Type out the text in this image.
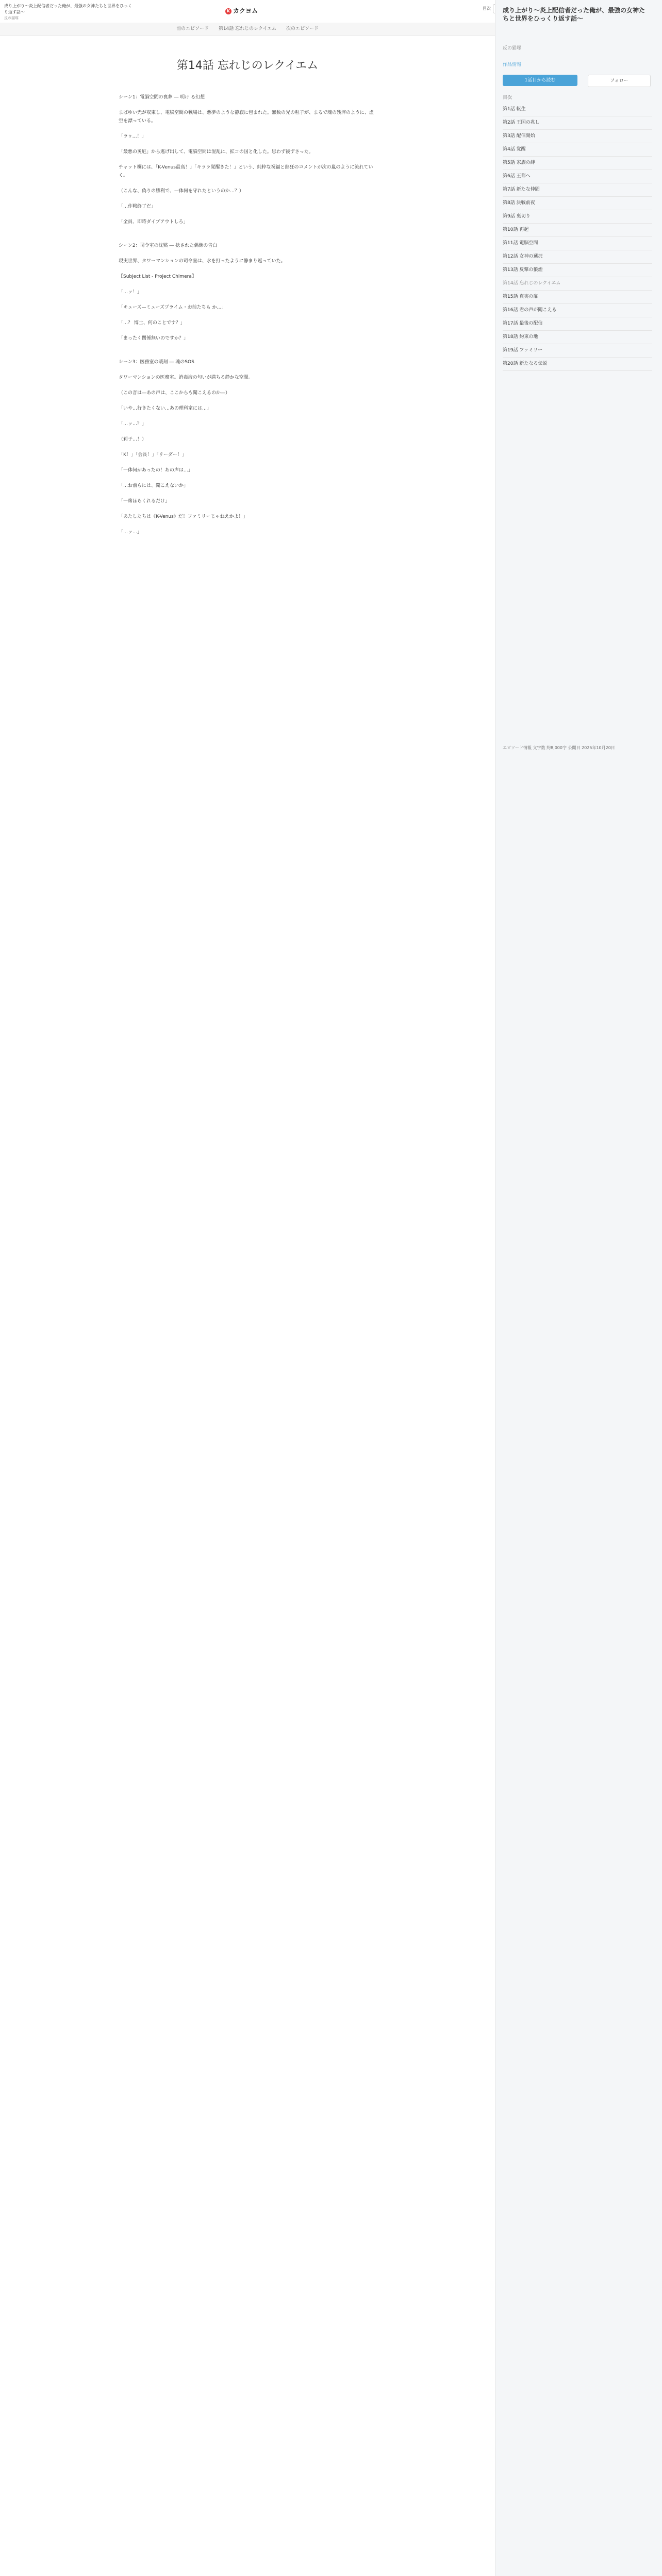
成り上がり〜炎上配信者だった俺が、最強の女神たちと世界をひっくり返す話〜
反の猫塚
K カクヨム	目次
前のエピソード 第14話 忘れじのレクイエム 次のエピソード
第14話 忘れじのレクイエム

シーン1：電脳空間の喪葬 ― 明け る幻想

まばゆい光が収束し、電脳空間の戦場は、悪夢のような静寂に包まれた。無数の光の粒子が、まるで魂の残滓のように、虚空を漂っている。

「ラゥ…！」

「最悪の災厄」から逃げ出して、電脳空間は混乱に、拡コの国と化した。思わず後ずさった。

チャット欄には、「K-Venus最高！」「キララ覚醒きた！」という、純粋な祝福と熱狂のコメントが次の嵐のように流れていく。

（こんな、偽りの勝利で、一体何を守れたというのか…？）

「…作戦終了だ」

「全員、即時ダイブアウトしろ」

シーン2：司令室の沈黙 ― 捻された偶像の告白

現実世界、タワーマンションの司令室は、水を打ったように静まり返っていた。

【Subject List - Project Chimera】

「…ッ！」

「キューズ—ミューズプライム・お前たちも か…」

「…？ 博士、何のことです？」

「まったく関係無いのですか？」

シーン3：医務室の暖刻 ― 魂のSOS

タワーマンションの医務室。消毒液の匂いが満ちる静かな空間。

（この音は―あの声は、ここからも聞こえるのか―）

「いや…行きたくない…あの理科室には…」

「…ッ…？」

（莉子…！）

「K！」「会長！」「リーダー！」

「一体何があったの！あの声は…」

「…お前らには、聞こえないか」

「一緒ほらくれるだけ」

「あたしたちは《K-Venus》だ！ファミリーじゃねえかよ！」

「…ッ…」

成り上がり〜炎上配信者だった俺が、最強の女神たちと世界をひっくり返す話〜
反の猫塚
作品情報
1話目から読む	フォロー
目次
第1話 転生
第2話 王国の兆し
第3話 配信開始
第4話 覚醒
第5話 家族の絆
第6話 王都へ
第7話 新たな仲間
第8話 決戦前夜
第9話 裏切り
第10話 再起
第11話 電脳空間
第12話 女神の選択
第13話 反撃の狼煙
第14話 忘れじのレクイエム
第15話 真実の扉
第16話 君の声が聞こえる
第17話 最後の配信
第18話 約束の地
第19話 ファミリー
第20話 新たなる伝説
エピソード情報 文字数 約8,000字 公開日 2025年10月20日
